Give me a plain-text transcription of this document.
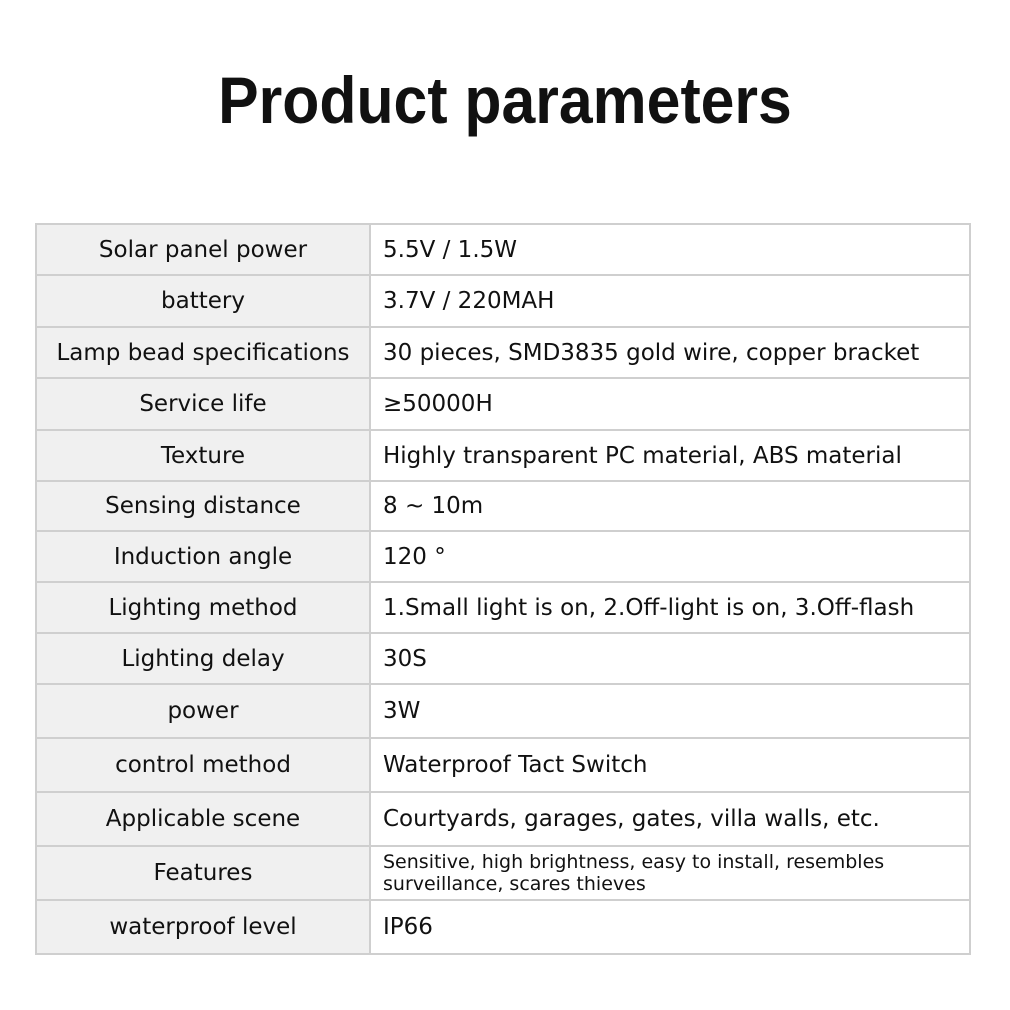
Product parameters
Solar panel power	5.5V / 1.5W
battery	3.7V / 220MAH
Lamp bead specifications	30 pieces, SMD3835 gold wire, copper bracket
Service life	≥50000H
Texture	Highly transparent PC material, ABS material
Sensing distance	8 ~ 10m
Induction angle	120 °
Lighting method	1.Small light is on, 2.Off-light is on, 3.Off-flash
Lighting delay	30S
power	3W
control method	Waterproof Tact Switch
Applicable scene	Courtyards, garages, gates, villa walls, etc.
Features	Sensitive, high brightness, easy to install, resembles surveillance, scares thieves
waterproof level	IP66
